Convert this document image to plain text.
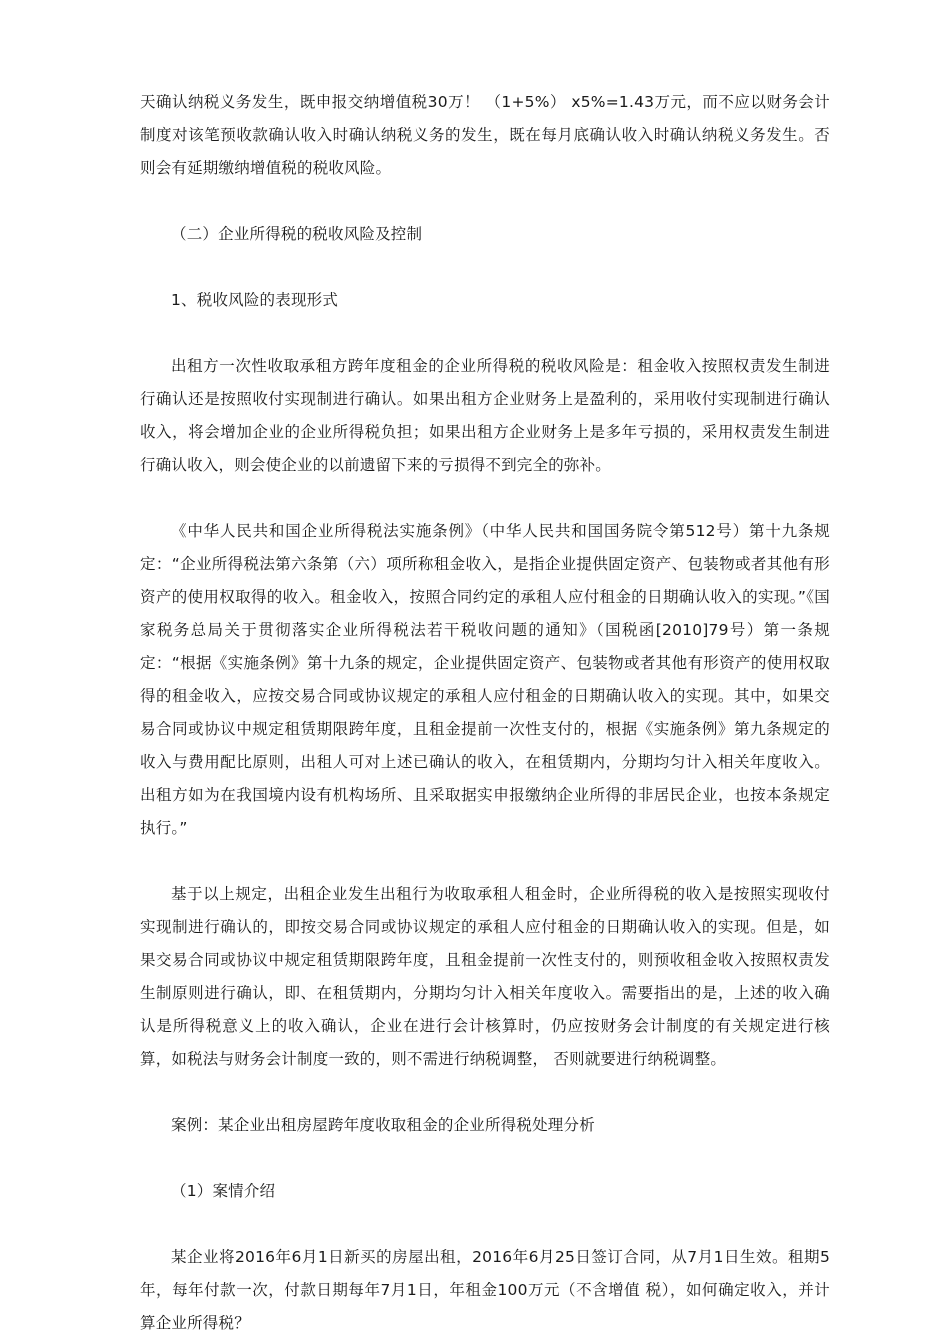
天确认纳税义务发生，既申报交纳增值税30万！ （1+5%） x5%=1.43万元，而不应以财务会计制度对该笔预收款确认收入时确认纳税义务的发生，既在每月底确认收入时确认纳税义务发生。否则会有延期缴纳增值税的税收风险。

（二）企业所得税的税收风险及控制

1、税收风险的表现形式

出租方一次性收取承租方跨年度租金的企业所得税的税收风险是：租金收入按照权责发生制进行确认还是按照收付实现制进行确认。如果出租方企业财务上是盈利的，采用收付实现制进行确认收入，将会增加企业的企业所得税负担；如果出租方企业财务上是多年亏损的，采用权责发生制进行确认收入，则会使企业的以前遗留下来的亏损得不到完全的弥补。

《中华人民共和国企业所得税法实施条例》（中华人民共和国国务院令第512号）第十九条规定：“企业所得税法第六条第（六）项所称租金收入，是指企业提供固定资产、包装物或者其他有形资产的使用权取得的收入。租金收入，按照合同约定的承租人应付租金的日期确认收入的实现。”《国家税务总局关于贯彻落实企业所得税法若干税收问题的通知》（国税函[2010]79号）第一条规定：“根据《实施条例》第十九条的规定，企业提供固定资产、包装物或者其他有形资产的使用权取得的租金收入，应按交易合同或协议规定的承租人应付租金的日期确认收入的实现。其中，如果交易合同或协议中规定租赁期限跨年度，且租金提前一次性支付的，根据《实施条例》第九条规定的收入与费用配比原则，出租人可对上述已确认的收入，在租赁期内，分期均匀计入相关年度收入。出租方如为在我国境内设有机构场所、且采取据实申报缴纳企业所得的非居民企业，也按本条规定执行。”

基于以上规定，出租企业发生出租行为收取承租人租金时，企业所得税的收入是按照实现收付实现制进行确认的，即按交易合同或协议规定的承租人应付租金的日期确认收入的实现。但是，如果交易合同或协议中规定租赁期限跨年度，且租金提前一次性支付的，则预收租金收入按照权责发生制原则进行确认，即、在租赁期内，分期均匀计入相关年度收入。需要指出的是，上述的收入确认是所得税意义上的收入确认，企业在进行会计核算时，仍应按财务会计制度的有关规定进行核算，如税法与财务会计制度一致的，则不需进行纳税调整， 否则就要进行纳税调整。

案例：某企业出租房屋跨年度收取租金的企业所得税处理分析

（1）案情介绍

某企业将2016年6月1日新买的房屋出租，2016年6月25日签订合同，从7月1日生效。租期5年，每年付款一次，付款日期每年7月1日，年租金100万元（不含增值 税），如何确定收入，并计算企业所得税？
